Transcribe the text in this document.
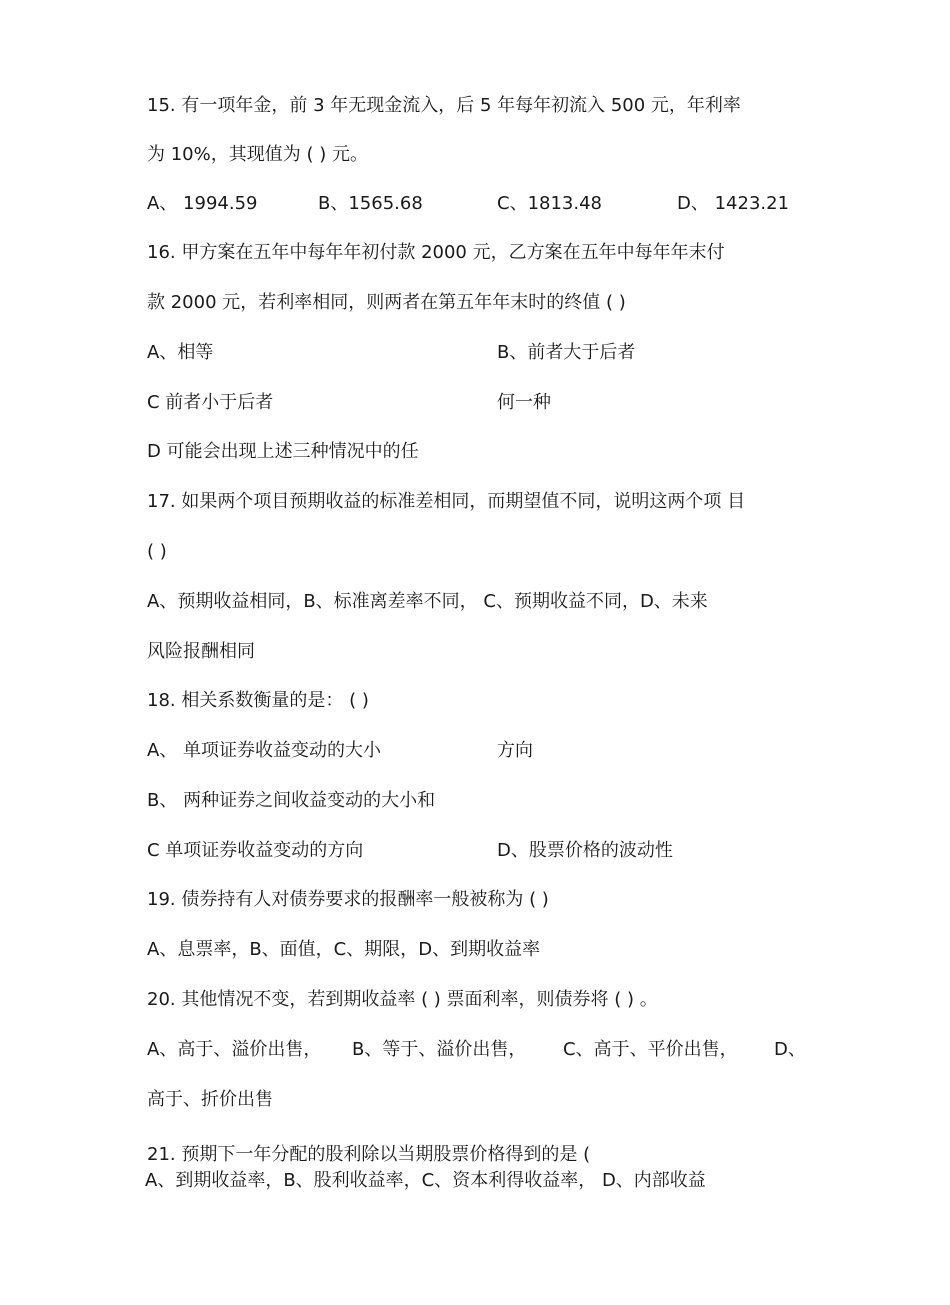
15. 有一项年金，前 3 年无现金流入，后 5 年每年初流入 500 元，年利率
为 10%，其现值为 ( ) 元。
A、 1994.59	B、1565.68	C、1813.48	D、 1423.21
16. 甲方案在五年中每年年初付款 2000 元，乙方案在五年中每年年末付
款 2000 元，若利率相同，则两者在第五年年末时的终值 ( )
A、相等	B、前者大于后者
C 前者小于后者	何一种
D 可能会出现上述三种情况中的任
17. 如果两个项目预期收益的标准差相同，而期望值不同，说明这两个项 目
( )
A、预期收益相同，B、标准离差率不同， C、预期收益不同，D、未来
风险报酬相同
18. 相关系数衡量的是： ( )
A、 单项证券收益变动的大小	方向
B、 两种证券之间收益变动的大小和
C 单项证券收益变动的方向	D、股票价格的波动性
19. 债券持有人对债券要求的报酬率一般被称为 ( )
A、息票率，B、面值，C、期限，D、到期收益率
20. 其他情况不变，若到期收益率 ( ) 票面利率，则债券将 ( ) 。
A、高于、溢价出售， B、等于、溢价出售， C、高于、平价出售， D、
高于、折价出售
21. 预期下一年分配的股利除以当期股票价格得到的是 (
A、到期收益率，B、股利收益率，C、资本利得收益率， D、内部收益
